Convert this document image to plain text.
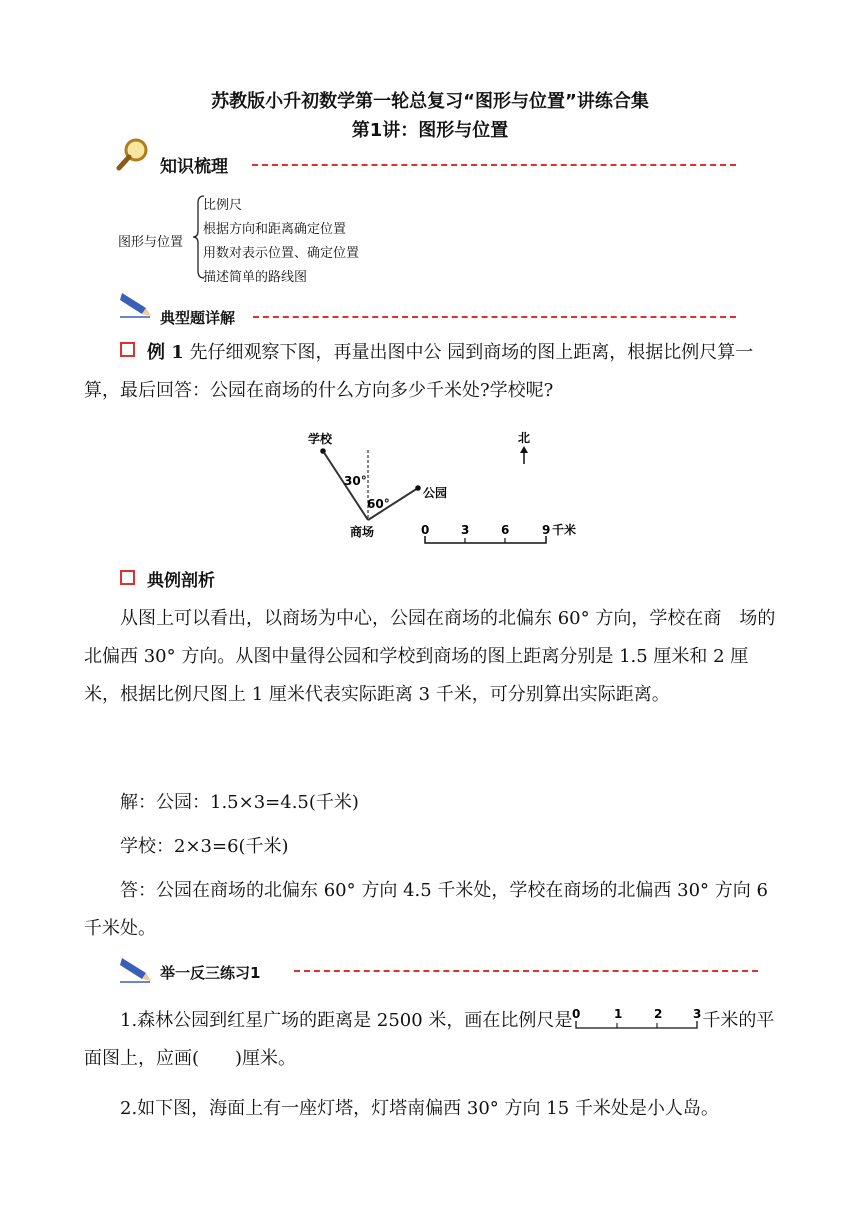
苏教版小升初数学第一轮总复习“图形与位置”讲练合集
第1讲：图形与位置
知识梳理
图形与位置
比例尺
根据方向和距离确定位置
用数对表示位置、确定位置
描述简单的路线图
典型题详解
例 1 先仔细观察下图，再量出图中公 园到商场的图上距离，根据比例尺算一算，最后回答：公园在商场的什么方向多少千米处?学校呢?
学校
公园
商场
30°
60°
北
0	3	6	9 千米
典例剖析
从图上可以看出，以商场为中心，公园在商场的北偏东 60° 方向，学校在商　场的北偏西 30° 方向。从图中量得公园和学校到商场的图上距离分别是 1.5 厘米和 2 厘米，根据比例尺图上 1 厘米代表实际距离 3 千米，可分别算出实际距离。
解：公园：1.5×3=4.5(千米)
学校：2×3=6(千米)
答：公园在商场的北偏东 60° 方向 4.5 千米处，学校在商场的北偏西 30° 方向 6 千米处。
举一反三练习1
1.森林公园到红星广场的距离是 2500 米，画在比例尺是 0	1	2	3 千米的平面图上，应画(　　)厘米。
2.如下图，海面上有一座灯塔，灯塔南偏西 30° 方向 15 千米处是小人岛。
